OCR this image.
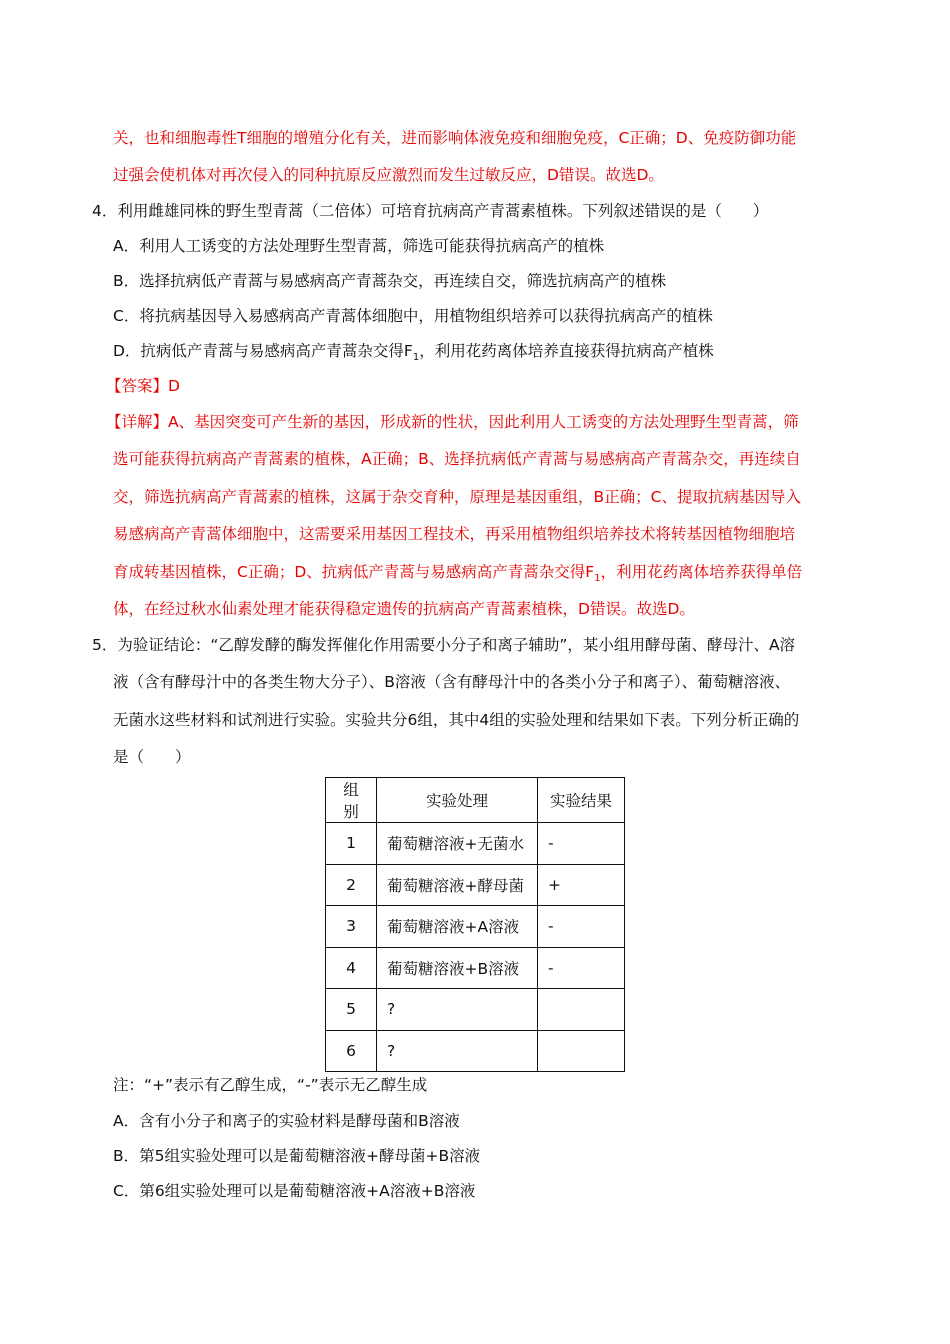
关，也和细胞毒性T细胞的增殖分化有关，进而影响体液免疫和细胞免疫，C正确；D、免疫防御功能
过强会使机体对再次侵入的同种抗原反应激烈而发生过敏反应，D错误。故选D。
4．利用雌雄同株的野生型青蒿（二倍体）可培育抗病高产青蒿素植株。下列叙述错误的是（　　）
A．利用人工诱变的方法处理野生型青蒿，筛选可能获得抗病高产的植株
B．选择抗病低产青蒿与易感病高产青蒿杂交，再连续自交，筛选抗病高产的植株
C．将抗病基因导入易感病高产青蒿体细胞中，用植物组织培养可以获得抗病高产的植株
D．抗病低产青蒿与易感病高产青蒿杂交得$F_1$，利用花药离体培养直接获得抗病高产植株
【答案】D
【详解】A、基因突变可产生新的基因，形成新的性状，因此利用人工诱变的方法处理野生型青蒿，筛
选可能获得抗病高产青蒿素的植株，A正确；B、选择抗病低产青蒿与易感病高产青蒿杂交，再连续自
交，筛选抗病高产青蒿素的植株，这属于杂交育种，原理是基因重组，B正确；C、提取抗病基因导入
易感病高产青蒿体细胞中，这需要采用基因工程技术，再采用植物组织培养技术将转基因植物细胞培
育成转基因植株，C正确；D、抗病低产青蒿与易感病高产青蒿杂交得$F_1$，利用花药离体培养获得单倍
体，在经过秋水仙素处理才能获得稳定遗传的抗病高产青蒿素植株，D错误。故选D。
5．为验证结论：“乙醇发酵的酶发挥催化作用需要小分子和离子辅助”，某小组用酵母菌、酵母汁、A溶
液（含有酵母汁中的各类生物大分子）、B溶液（含有酵母汁中的各类小分子和离子）、葡萄糖溶液、
无菌水这些材料和试剂进行实验。实验共分6组，其中4组的实验处理和结果如下表。下列分析正确的
是（　　）
组别	实验处理	实验结果
1	葡萄糖溶液+无菌水	-
2	葡萄糖溶液+酵母菌	+
3	葡萄糖溶液+A溶液	-
4	葡萄糖溶液+B溶液	-
5	?	
6	?	
注：“+”表示有乙醇生成，“-”表示无乙醇生成
A．含有小分子和离子的实验材料是酵母菌和B溶液
B．第5组实验处理可以是葡萄糖溶液+酵母菌+B溶液
C．第6组实验处理可以是葡萄糖溶液+A溶液+B溶液
